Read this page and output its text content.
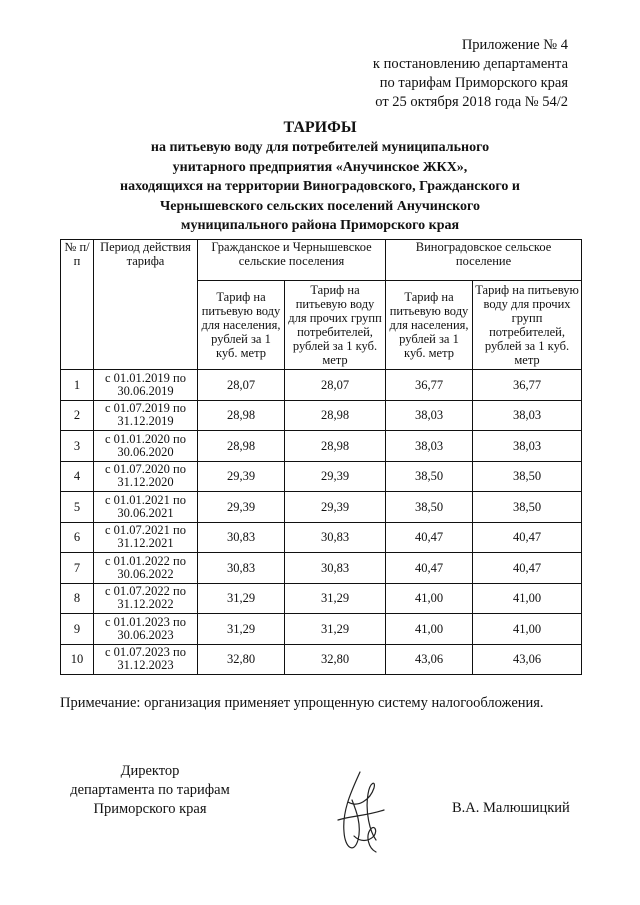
Приложение № 4
к постановлению департамента
по тарифам Приморского края
от 25 октября 2018 года № 54/2
ТАРИФЫ
на питьевую воду для потребителей муниципального
унитарного предприятия «Анучинское ЖКХ»,
находящихся на территории Виноградовского, Гражданского и
Чернышевского сельских поселений Анучинского
муниципального района Приморского края
№ п/п	Период действия тарифа	Гражданское и Чернышевское сельские поселения		Виноградовское сельское поселение	
		Тариф на питьевую воду для населения, рублей за 1 куб. метр	Тариф на питьевую воду для прочих групп потребителей, рублей за 1 куб. метр	Тариф на питьевую воду для населения, рублей за 1 куб. метр	Тариф на питьевую воду для прочих групп потребителей, рублей за 1 куб. метр
1	с 01.01.2019 по
30.06.2019	28,07	28,07	36,77	36,77
2	с 01.07.2019 по
31.12.2019	28,98	28,98	38,03	38,03
3	с 01.01.2020 по
30.06.2020	28,98	28,98	38,03	38,03
4	с 01.07.2020 по
31.12.2020	29,39	29,39	38,50	38,50
5	с 01.01.2021 по
30.06.2021	29,39	29,39	38,50	38,50
6	с 01.07.2021 по
31.12.2021	30,83	30,83	40,47	40,47
7	с 01.01.2022 по
30.06.2022	30,83	30,83	40,47	40,47
8	с 01.07.2022 по
31.12.2022	31,29	31,29	41,00	41,00
9	с 01.01.2023 по
30.06.2023	31,29	31,29	41,00	41,00
10	с 01.07.2023 по
31.12.2023	32,80	32,80	43,06	43,06
Примечание: организация применяет упрощенную систему налогообложения.
Директор
департамента по тарифам
Приморского края	В.А. Малюшицкий
